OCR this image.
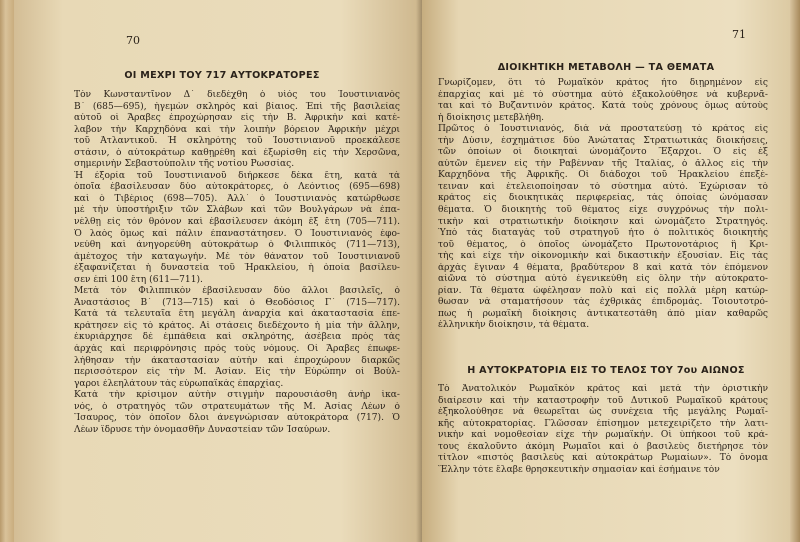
70
ΟΙ ΜΕΧΡΙ ΤΟΥ 717 ΑΥΤΟΚΡΑΤΟΡΕΣ
Τὸν Κωνσταντῖνον Δ΄ διεδέχθη ὁ υἱός του Ἰουστινιανὸς
Β΄ (685—695), ἡγεμὼν σκληρὸς καὶ βίαιος. Ἐπὶ τῆς βασιλείας
αὐτοῦ οἱ Ἄραβες ἐπροχώρησαν εἰς τὴν Β. Ἀφρικὴν καὶ κατέ-
λαβον τὴν Καρχηδόνα καὶ τὴν λοιπὴν βόρειον Ἀφρικὴν μέχρι
τοῦ Ἀτλαντικοῦ. Ἡ σκληρότης τοῦ Ἰουστινιανοῦ προεκάλεσε
στάσιν, ὁ αὐτοκράτωρ καθῃρέθη καὶ ἐξωρίσθη εἰς τὴν Χερσῶνα,
σημερινὴν Σεβαστούπολιν τῆς νοτίου Ρωσσίας.
Ἡ ἐξορία τοῦ Ἰουστινιανοῦ διήρκεσε δέκα ἔτη, κατὰ τὰ
ὁποῖα ἐβασίλευσαν δύο αὐτοκράτορες, ὁ Λεόντιος (695—698)
καὶ ὁ Τιβέριος (698—705). Ἀλλ᾽ ὁ Ἰουστινιανὸς κατώρθωσε
μὲ τὴν ὑποστήριξιν τῶν Σλάβων καὶ τῶν Βουλγάρων νὰ ἐπα-
νέλθῃ εἰς τὸν θρόνον καὶ ἐβασίλευσεν ἀκόμη ἕξ ἔτη (705—711).
Ὁ λαὸς ὅμως καὶ πάλιν ἐπαναστάτησεν. Ὁ Ἰουστινιανὸς ἐφο-
νεύθη καὶ ἀνηγορεύθη αὐτοκράτωρ ὁ Φιλιππικὸς (711—713),
ἀμέτοχος τὴν καταγωγήν. Μὲ τὸν θάνατον τοῦ Ἰουστινιανοῦ
ἐξαφανίζεται ἡ δυναστεία τοῦ Ἡρακλείου, ἡ ὁποία βασίλευ-
σεν ἐπὶ 100 ἔτη (611—711).
Μετὰ τὸν Φιλιππικὸν ἐβασίλευσαν δύο ἄλλοι βασιλεῖς, ὁ
Ἀναστάσιος Β΄ (713—715) καὶ ὁ Θεοδόσιος Γ΄ (715—717).
Κατὰ τὰ τελευταῖα ἔτη μεγάλη ἀναρχία καὶ ἀκαταστασία ἐπε-
κράτησεν εἰς τὸ κράτος. Αἱ στάσεις διεδέχοντο ἡ μία τὴν ἄλλην,
ἐκυριάρχησε δὲ ἐμπάθεια καὶ σκληρότης, ἀσέβεια πρὸς τὰς
ἀρχὰς καὶ περιφρόνησις πρὸς τοὺς νόμους. Οἱ Ἄραβες ἐπωφε-
λήθησαν τὴν ἀκαταστασίαν αὐτὴν καὶ ἐπροχώρουν διαρκῶς
περισσότερον εἰς τὴν Μ. Ἀσίαν. Εἰς τὴν Εὐρώπην οἱ Βούλ-
γαροι ἐλεηλάτουν τὰς εὐρωπαϊκὰς ἐπαρχίας.
Κατὰ τὴν κρίσιμον αὐτὴν στιγμὴν παρουσιάσθη ἀνὴρ ἱκα-
νός, ὁ στρατηγὸς τῶν στρατευμάτων τῆς Μ. Ἀσίας Λέων ὁ
Ἴσαυρος, τὸν ὁποῖον δλοι ἀνεγνώρισαν αὐτοκράτορα (717). Ὁ
Λέων ἵδρυσε τὴν ὀνομασθῆν Δυναστείαν τῶν Ἰσαύρων.
71
ΔΙΟΙΚΗΤΙΚΗ ΜΕΤΑΒΟΛΗ — ΤΑ ΘΕΜΑΤΑ
Γνωρίζομεν, ὅτι τὸ Ρωμαϊκὸν κράτος ἦτο διῃρημένον εἰς
ἐπαρχίας καὶ μὲ τὸ σύστημα αὐτὸ ἐξακολούθησε νὰ κυβερνᾶ-
ται καὶ τὸ Βυζαντινὸν κράτος. Κατὰ τοὺς χρόνους ὅμως αὐτοὺς
ἡ διοίκησις μετεβλήθη.
Πρῶτος ὁ Ἰουστινιανός, διὰ νὰ προστατεύσῃ τὸ κράτος εἰς
τὴν Δύσιν, ἐσχημάτισε δύο Ἀνώτατας Στρατιωτικὰς διοικήσεις,
τῶν ὁποίων οἱ διοικηταὶ ὠνομάζοντο Ἔξαρχοι. Ὁ εἷς ἐξ
αὐτῶν ἔμενεν εἰς τὴν Ραβένναν τῆς Ἰταλίας, ὁ ἄλλος εἰς τὴν
Καρχηδόνα τῆς Ἀφρικῆς. Οἱ διάδοχοι τοῦ Ἡρακλείου ἐπεξέ-
τειναν καὶ ἐτελειοποίησαν τὸ σύστημα αὐτό. Ἐχώρισαν τὸ
κράτος εἰς διοικητικὰς περιφερείας, τὰς ὁποίας ὠνόμασαν
θέματα. Ὁ διοικητὴς τοῦ θέματος εἶχε συγχρόνως τὴν πολι-
τικὴν καὶ στρατιωτικὴν διοίκησιν καὶ ὠνομάζετο Στρατηγός.
Ὑπὸ τὰς διαταγὰς τοῦ στρατηγοῦ ἦτο ὁ πολιτικὸς διοικητὴς
τοῦ θέματος, ὁ ὁποῖος ὠνομάζετο Πρωτονοτάριος ἢ Κρι-
τὴς καὶ εἶχε τὴν οἰκονομικὴν καὶ δικαστικὴν ἐξουσίαν. Εἰς τὰς
ἀρχὰς ἔγιναν 4 θέματα, βραδύτερον 8 καὶ κατὰ τὸν ἑπόμενον
αἰῶνα τὸ σύστημα αὐτὸ ἐγενικεύθη εἰς ὅλην τὴν αὐτοκρατο-
ρίαν. Τὰ θέματα ὠφέλησαν πολὺ καὶ εἰς πολλὰ μέρη κατώρ-
θωσαν νὰ σταματήσουν τὰς ἐχθρικὰς ἐπιδρομάς. Τοιουτοτρό-
πως ἡ ρωμαϊκὴ διοίκησις ἀντικατεστάθη ἀπὸ μίαν καθαρῶς
ἑλληνικὴν διοίκησιν, τὰ θέματα.
Η ΑΥΤΟΚΡΑΤΟΡΙΑ ΕΙΣ ΤΟ ΤΕΛΟΣ ΤΟΥ 7ου ΑΙΩΝΟΣ
Τὸ Ἀνατολικὸν Ρωμαϊκὸν κράτος καὶ μετὰ τὴν ὁριστικὴν
διαίρεσιν καὶ τὴν καταστροφὴν τοῦ Δυτικοῦ Ρωμαϊκοῦ κράτους
ἐξηκολούθησε νὰ θεωρεῖται ὡς συνέχεια τῆς μεγάλης Ρωμαϊ-
κῆς αὐτοκρατορίας. Γλῶσσαν ἐπίσημον μετεχειρίζετο τὴν λατι-
νικὴν καὶ νομοθεσίαν εἶχε τὴν ρωμαϊκήν. Οἱ ὑπήκοοι τοῦ κρά-
τους ἐκαλοῦντο ἀκόμη Ρωμαῖοι καὶ ὁ βασιλεὺς διετήρησε τὸν
τίτλον «πιστὸς βασιλεὺς καὶ αὐτοκράτωρ Ρωμαίων». Τὸ ὄνομα
Ἕλλην τότε ἔλαβε θρησκευτικὴν σημασίαν καὶ ἐσήμαινε τὸν
